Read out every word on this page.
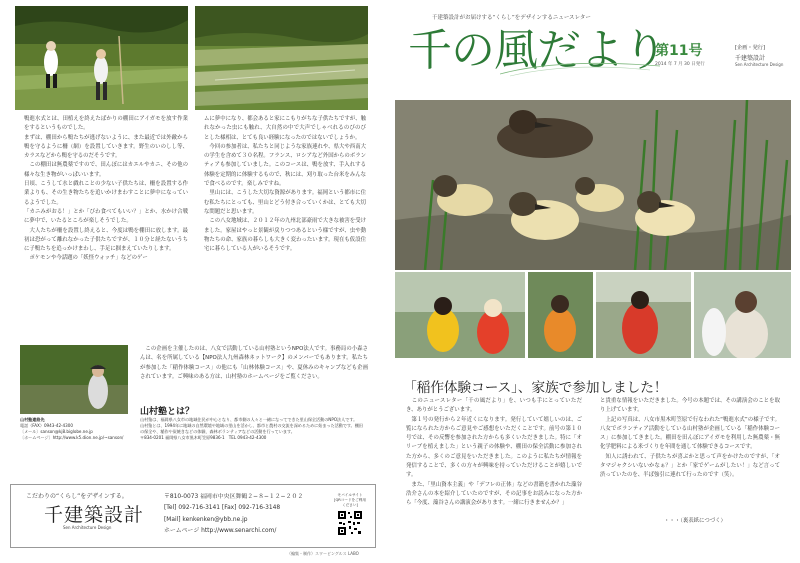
鴨進水式とは、田植えを終えたばかりの棚田にアイガモを放す作業をするというものでした。
まずは、棚田から鴨たちが逃げないように、また最近では外敵から鴨を守るように柵（網）を設置していきます。野生のいのしし等、カラスなどから鴨を守るのだそうです。
　この棚田は無農薬ですので、田んぼにはカエルやカニ、その他の様々な生き物がいっぱいいます。
日頃、こうして水と戯れことの少ない子供たちは、柵を設置する作業よりも、その生き物たちを追いかけまわすことに夢中になっているようでした。
「カニみがおる！」とか「びわ食べてもいい？」とか、水かけ合戦に夢中で、いたるところが楽しそうでした。
　大人たちが柵を設置し終えると、今度は鴨を棚田に放します。最初は恐がって離れなかった子供たちですが、１０分と経たないうちに子鴨たちを追っかけまわし、手足に掴まえていたりします。
　ポケモンや今話題の「妖怪ウォッチ」などのゲー
ムに夢中になり、都会あると家にこもりがちな子供たちですが、触れなかった虫にも触れ、大自然の中で大声でしゃべれるのびのびとした様相は、とても良い経験になったのではないでしょうか。
　今回の参加者は、私たちと同じような家族連れや、県大や西南大の学生を含めて３０名程。フランス、ロシアなど外国からのボランティアも参加していました。このコースは、鴨を放す、手入れする体験を定期的に体験するもので、秋には、刈り取った台米をみんなで食べるのです。楽しみですね。
　里山には、こうした大切な資源があります。福岡という都市に住む私たちにとっても、里山とどう付き合っていくかは、とても大切な問題だと思います。
　この八女地域は、２０１２年の九州北部豪雨で大きな被害を受けました。家屋はやっと景観が戻りつつあるという様ですが、虫や動物たちの命、家族の暮らしも大きく変わったいます。現在も仮設住宅に暮らしている人がいるそうです。
　この企画を主催したのは、八女で活動している山村塾というNPO法人です。事務局の小森さんは、名を所属している【NPO法人九州森林ネットワーク】のメンバーでもあります。私たちが参加した「稲作体験コース」の他にも「山林体験コース」や、夏休みのキャンプなども企画されています。ご興味のある方は、山村塾のホームページをご覧ください。
山村塾とは？
山村塾は、福岡県八女市の地域住民が中心となり、都市側の人々と一緒になってできた里山保全活動のNPO法人です。
山村塾とは、1994年に地域の自然環境や地域の里山を活かし、都市と農村の交流を深めるために始まった活動です。棚田の保全や、稲作や炭焼きなどの体験、森林ボランティアなどの活動を行っています。
〒834-0201 福岡県八女市黒木町笠原9836-1　TEL 0943-42-4300
山村塾連絡先
電話（FAX）0943-42-4300
〔メール〕sanson@kj8.biglobe.ne.jp
〔ホームページ〕http://www.k5.dion.ne.jp/~sanson/
こだわりの“くらし”をデザインする。
千建築設計
Sen Architecture Design
〒810-0073 福岡市中央区舞鶴２−８−１２−２０２
[Tel] 092-716-3141 [Fax] 092-716-3148
[Mail] kenkenken@ybb.ne.jp
ホームページ http://www.senarchi.com/
モバイルサイト
[QRコードをご利用ください]
（編集・制作）スワーピングルス LABO
千建築設計がお届けする“くらし”をデザインするニュースレター
千の風だより
第11号
2014 年 7 月 30 日発行
[企画・発行]
千建築設計
Sen Architecture Design
「稲作体験コース」、家族で参加しました！
　このニュースレター「千の風だより」を、いつも手にとっていただき、ありがとうございます。
　第１号の発行から２年近くになります。発行していて嬉しいのは、ご覧になられた方からご意見やご感想をいただくことです。前号の第１０号では、その反響を参加された方からも多くいただきました。特に「オリーブを植えました」という親子の体験や、棚田の保全活動に参加された方から、多くのご意見をいただきました。このように私たちが情報を発信することで、多くの方々が興味を持っていただけることが嬉しいです。
　また、「里山資本主義」や「デフレの正体」などの書籍を書かれた藻谷浩介さんの本を紹介していたのですが、その記事をお読みになった方から「今度、藻谷さんの講演会があります。一緒に行きませんか？」
と貴重な情報をいただきました。今号の本題では、その講演会のことを取り上げています。
　上記の写真は、八女市黒木町笠原で行なわれた“鴨進水式”の様子です。八女でボランティア活動をしている山村塾が企画している「稲作体験コース」に参加してきました。棚田を田んぼにアイガモを利用した無農薬・無化学肥料による米づくりを年間を通して体験できるコースです。
　知人に誘われて、子供たちが喜ぶかと思って声をかけたのですが、「オタマジャクシいないかなぁ？」とか「家でゲームがしたい！」など言って渋っていたのを、半ば強引に連れて行ったのです（笑）。
・・・（裏表紙につづく）
